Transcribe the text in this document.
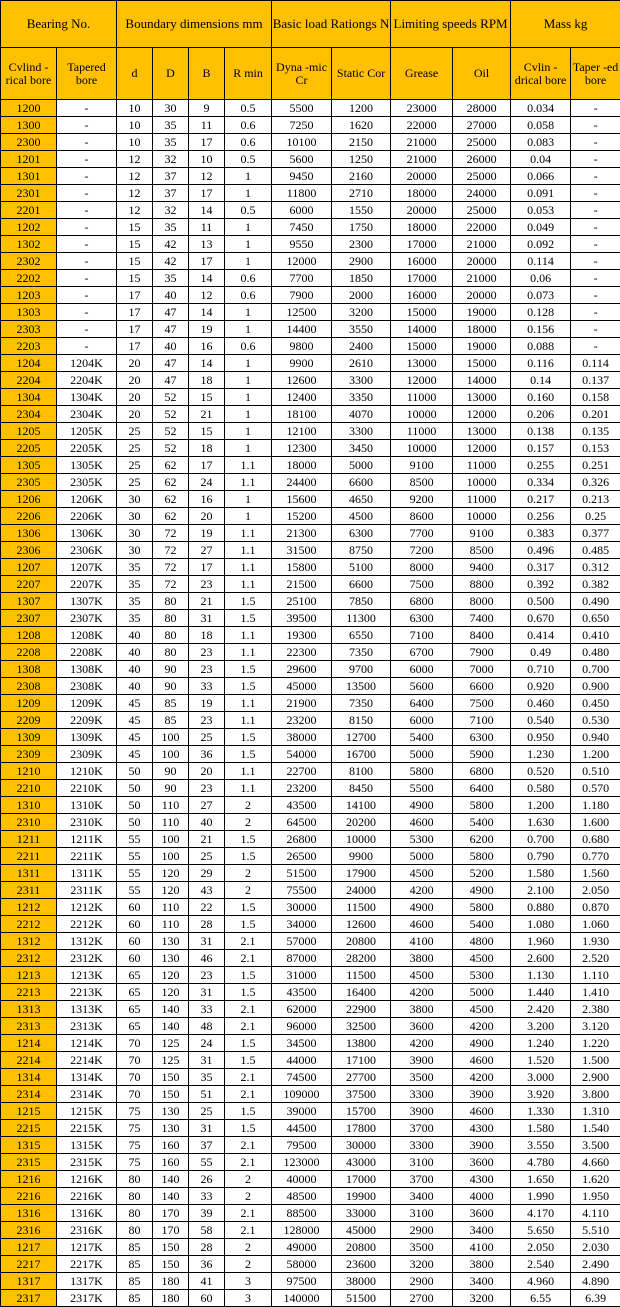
Bearing No.		Boundary dimensions mm				Basic load Rationgs N		Limiting speeds RPM		Mass kg	
Cvlind -rical bore	Tapered bore	d	D	B	R min	Dyna -mic Cr	Static Cor	Grease	Oil	Cvlin -drical bore	Taper -ed bore
1200	-	10	30	9	0.5	5500	1200	23000	28000	0.034	-
1300	-	10	35	11	0.6	7250	1620	22000	27000	0.058	-
2300	-	10	35	17	0.6	10100	2150	21000	25000	0.083	-
1201	-	12	32	10	0.5	5600	1250	21000	26000	0.04	-
1301	-	12	37	12	1	9450	2160	20000	25000	0.066	-
2301	-	12	37	17	1	11800	2710	18000	24000	0.091	-
2201	-	12	32	14	0.5	6000	1550	20000	25000	0.053	-
1202	-	15	35	11	1	7450	1750	18000	22000	0.049	-
1302	-	15	42	13	1	9550	2300	17000	21000	0.092	-
2302	-	15	42	17	1	12000	2900	16000	20000	0.114	-
2202	-	15	35	14	0.6	7700	1850	17000	21000	0.06	-
1203	-	17	40	12	0.6	7900	2000	16000	20000	0.073	-
1303	-	17	47	14	1	12500	3200	15000	19000	0.128	-
2303	-	17	47	19	1	14400	3550	14000	18000	0.156	-
2203	-	17	40	16	0.6	9800	2400	15000	19000	0.088	-
1204	1204K	20	47	14	1	9900	2610	13000	15000	0.116	0.114
2204	2204K	20	47	18	1	12600	3300	12000	14000	0.14	0.137
1304	1304K	20	52	15	1	12400	3350	11000	13000	0.160	0.158
2304	2304K	20	52	21	1	18100	4070	10000	12000	0.206	0.201
1205	1205K	25	52	15	1	12100	3300	11000	13000	0.138	0.135
2205	2205K	25	52	18	1	12300	3450	10000	12000	0.157	0.153
1305	1305K	25	62	17	1.1	18000	5000	9100	11000	0.255	0.251
2305	2305K	25	62	24	1.1	24400	6600	8500	10000	0.334	0.326
1206	1206K	30	62	16	1	15600	4650	9200	11000	0.217	0.213
2206	2206K	30	62	20	1	15200	4500	8600	10000	0.256	0.25
1306	1306K	30	72	19	1.1	21300	6300	7700	9100	0.383	0.377
2306	2306K	30	72	27	1.1	31500	8750	7200	8500	0.496	0.485
1207	1207K	35	72	17	1.1	15800	5100	8000	9400	0.317	0.312
2207	2207K	35	72	23	1.1	21500	6600	7500	8800	0.392	0.382
1307	1307K	35	80	21	1.5	25100	7850	6800	8000	0.500	0.490
2307	2307K	35	80	31	1.5	39500	11300	6300	7400	0.670	0.650
1208	1208K	40	80	18	1.1	19300	6550	7100	8400	0.414	0.410
2208	2208K	40	80	23	1.1	22300	7350	6700	7900	0.49	0.480
1308	1308K	40	90	23	1.5	29600	9700	6000	7000	0.710	0.700
2308	2308K	40	90	33	1.5	45000	13500	5600	6600	0.920	0.900
1209	1209K	45	85	19	1.1	21900	7350	6400	7500	0.460	0.450
2209	2209K	45	85	23	1.1	23200	8150	6000	7100	0.540	0.530
1309	1309K	45	100	25	1.5	38000	12700	5400	6300	0.950	0.940
2309	2309K	45	100	36	1.5	54000	16700	5000	5900	1.230	1.200
1210	1210K	50	90	20	1.1	22700	8100	5800	6800	0.520	0.510
2210	2210K	50	90	23	1.1	23200	8450	5500	6400	0.580	0.570
1310	1310K	50	110	27	2	43500	14100	4900	5800	1.200	1.180
2310	2310K	50	110	40	2	64500	20200	4600	5400	1.630	1.600
1211	1211K	55	100	21	1.5	26800	10000	5300	6200	0.700	0.680
2211	2211K	55	100	25	1.5	26500	9900	5000	5800	0.790	0.770
1311	1311K	55	120	29	2	51500	17900	4500	5200	1.580	1.560
2311	2311K	55	120	43	2	75500	24000	4200	4900	2.100	2.050
1212	1212K	60	110	22	1.5	30000	11500	4900	5800	0.880	0.870
2212	2212K	60	110	28	1.5	34000	12600	4600	5400	1.080	1.060
1312	1312K	60	130	31	2.1	57000	20800	4100	4800	1.960	1.930
2312	2312K	60	130	46	2.1	87000	28200	3800	4500	2.600	2.520
1213	1213K	65	120	23	1.5	31000	11500	4500	5300	1.130	1.110
2213	2213K	65	120	31	1.5	43500	16400	4200	5000	1.440	1.410
1313	1313K	65	140	33	2.1	62000	22900	3800	4500	2.420	2.380
2313	2313K	65	140	48	2.1	96000	32500	3600	4200	3.200	3.120
1214	1214K	70	125	24	1.5	34500	13800	4200	4900	1.240	1.220
2214	2214K	70	125	31	1.5	44000	17100	3900	4600	1.520	1.500
1314	1314K	70	150	35	2.1	74500	27700	3500	4200	3.000	2.900
2314	2314K	70	150	51	2.1	109000	37500	3300	3900	3.920	3.800
1215	1215K	75	130	25	1.5	39000	15700	3900	4600	1.330	1.310
2215	2215K	75	130	31	1.5	44500	17800	3700	4300	1.580	1.540
1315	1315K	75	160	37	2.1	79500	30000	3300	3900	3.550	3.500
2315	2315K	75	160	55	2.1	123000	43000	3100	3600	4.780	4.660
1216	1216K	80	140	26	2	40000	17000	3700	4300	1.650	1.620
2216	2216K	80	140	33	2	48500	19900	3400	4000	1.990	1.950
1316	1316K	80	170	39	2.1	88500	33000	3100	3600	4.170	4.110
2316	2316K	80	170	58	2.1	128000	45000	2900	3400	5.650	5.510
1217	1217K	85	150	28	2	49000	20800	3500	4100	2.050	2.030
2217	2217K	85	150	36	2	58000	23600	3200	3800	2.540	2.490
1317	1317K	85	180	41	3	97500	38000	2900	3400	4.960	4.890
2317	2317K	85	180	60	3	140000	51500	2700	3200	6.55	6.39
